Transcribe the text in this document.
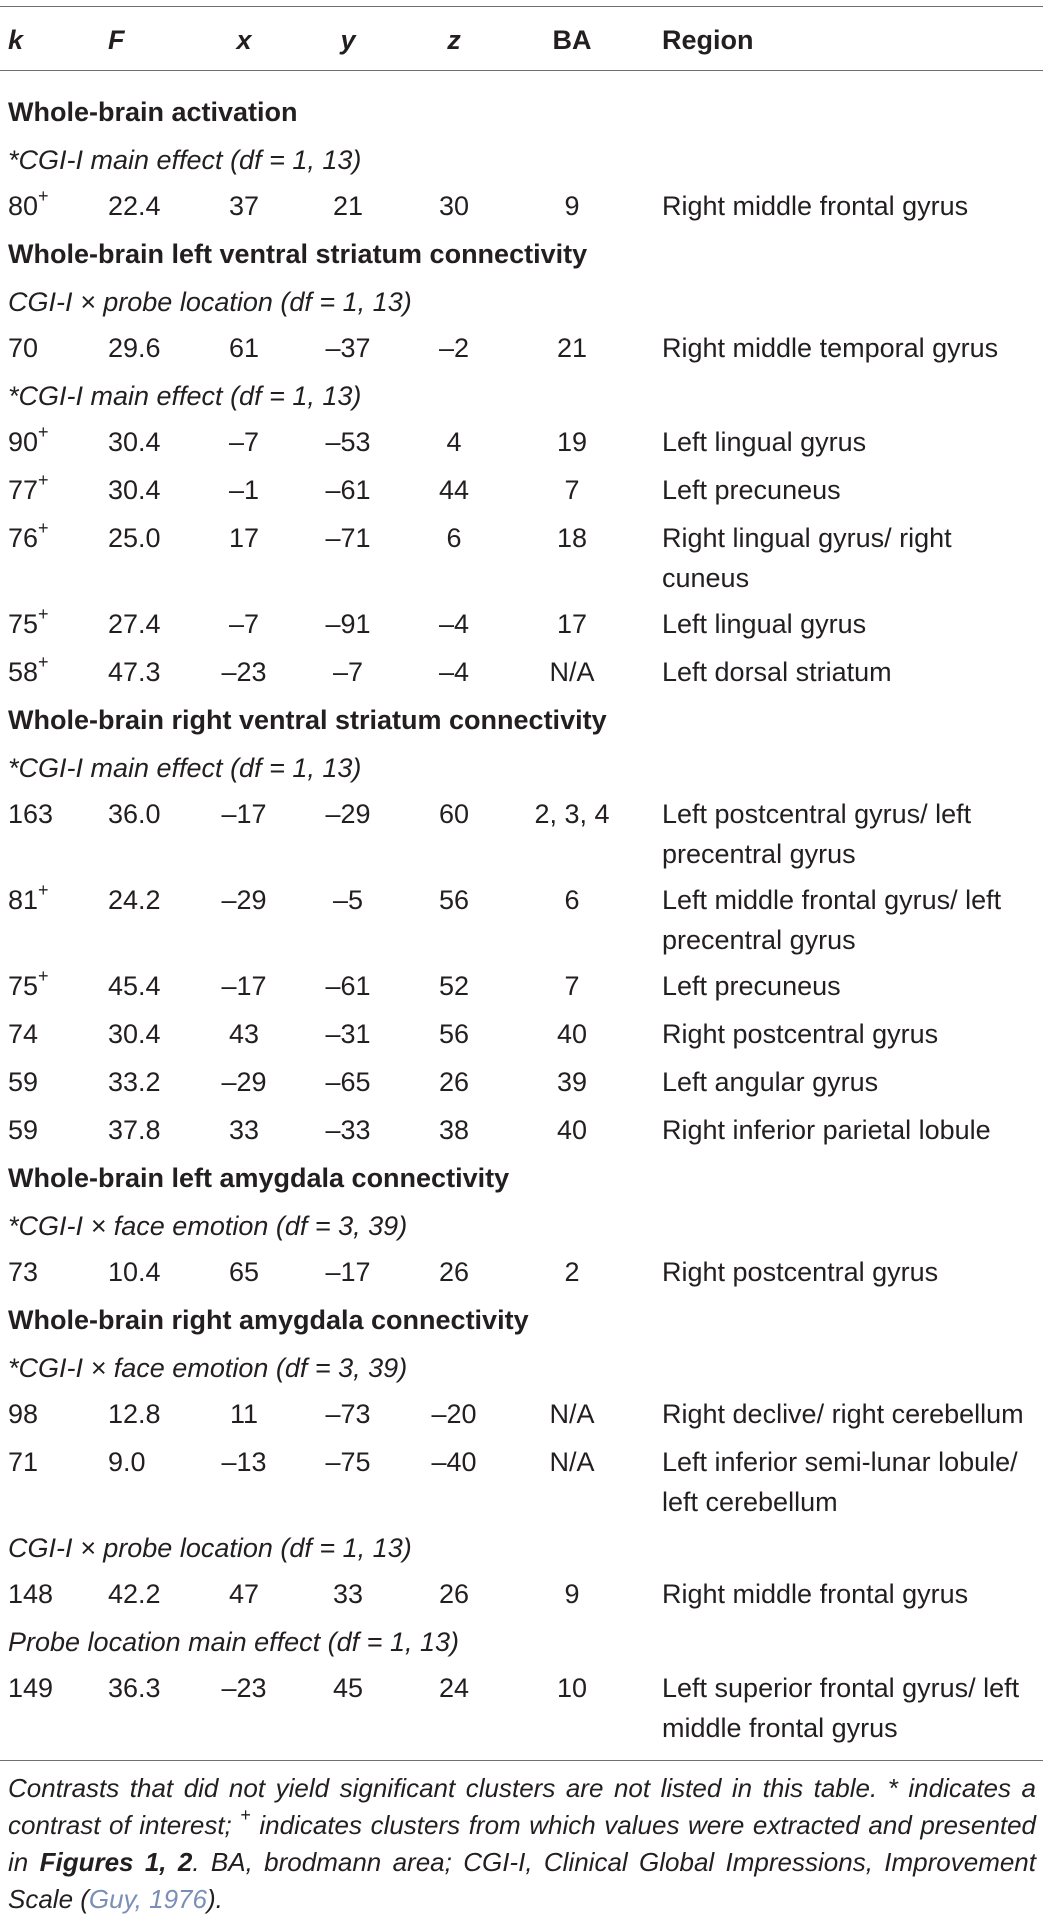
k	F	x	y	z	BA	Region
Whole-brain activation
*CGI-I main effect (df = 1, 13)
80+ 22.4	37	21	30	9	Right middle frontal gyrus
Whole-brain left ventral striatum connectivity
CGI-I × probe location (df = 1, 13)
70	29.6	61	–37	–2	21	Right middle temporal gyrus
*CGI-I main effect (df = 1, 13)
90+ 30.4	–7	–53	4	19	Left lingual gyrus
77+ 30.4	–1	–61	44	7	Left precuneus
76+ 25.0	17	–71	6	18	Right lingual gyrus/ right cuneus
75+ 27.4	–7	–91	–4	17	Left lingual gyrus
58+ 47.3	–23	–7	–4	N/A	Left dorsal striatum
Whole-brain right ventral striatum connectivity
*CGI-I main effect (df = 1, 13)
163 36.0	–17	–29	60	2, 3, 4	Left postcentral gyrus/ left precentral gyrus
81+ 24.2	–29	–5	56	6	Left middle frontal gyrus/ left precentral gyrus
75+ 45.4	–17	–61	52	7	Left precuneus
74	30.4	43	–31	56	40	Right postcentral gyrus
59	33.2	–29	–65	26	39	Left angular gyrus
59	37.8	33	–33	38	40	Right inferior parietal lobule
Whole-brain left amygdala connectivity
*CGI-I × face emotion (df = 3, 39)
73	10.4	65	–17	26	2	Right postcentral gyrus
Whole-brain right amygdala connectivity
*CGI-I × face emotion (df = 3, 39)
98	12.8	11	–73	–20	N/A	Right declive/ right cerebellum
71	9.0	–13	–75	–40	N/A	Left inferior semi-lunar lobule/ left cerebellum
CGI-I × probe location (df = 1, 13)
148 42.2	47	33	26	9	Right middle frontal gyrus
Probe location main effect (df = 1, 13)
149 36.3	–23	45	24	10	Left superior frontal gyrus/ left middle frontal gyrus
Contrasts that did not yield significant clusters are not listed in this table. * indicates a contrast of interest; + indicates clusters from which values were extracted and presented in Figures 1, 2. BA, brodmann area; CGI-I, Clinical Global Impressions, Improvement Scale (Guy, 1976).
